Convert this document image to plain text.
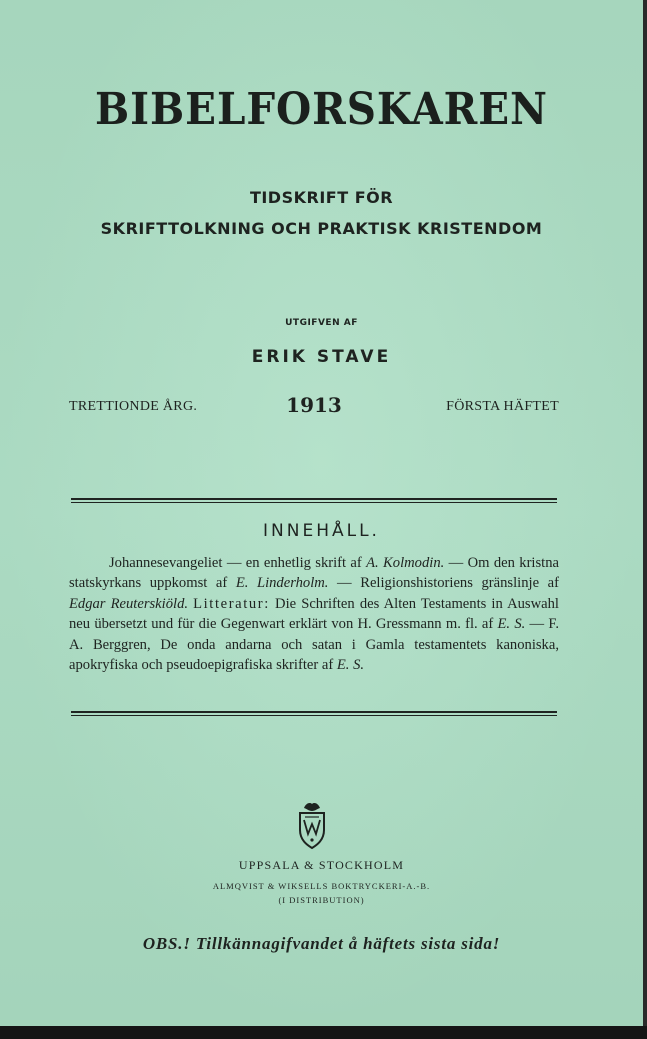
BIBELFORSKAREN
TIDSKRIFT FÖR
SKRIFTTOLKNING OCH PRAKTISK KRISTENDOM
UTGIFVEN AF
ERIK STAVE
TRETTIONDE ÅRG.	1913	FÖRSTA HÄFTET
INNEHÅLL.
Johannesevangeliet — en enhetlig skrift af A. Kolmodin. — Om den kristna statskyrkans uppkomst af E. Linderholm. — Religionshistoriens gränslinje af Edgar Reuterskiöld. Litteratur: Die Schriften des Alten Testaments in Auswahl neu übersetzt und für die Gegenwart erklärt von H. Gressmann m. fl. af E. S. — F. A. Berggren, De onda andarna och satan i Gamla testamentets kanoniska, apokryfiska och pseudoepigrafiska skrifter af E. S.
UPPSALA & STOCKHOLM
ALMQVIST & WIKSELLS BOKTRYCKERI-A.-B.
(I DISTRIBUTION)
OBS.! Tillkännagifvandet å häftets sista sida!
